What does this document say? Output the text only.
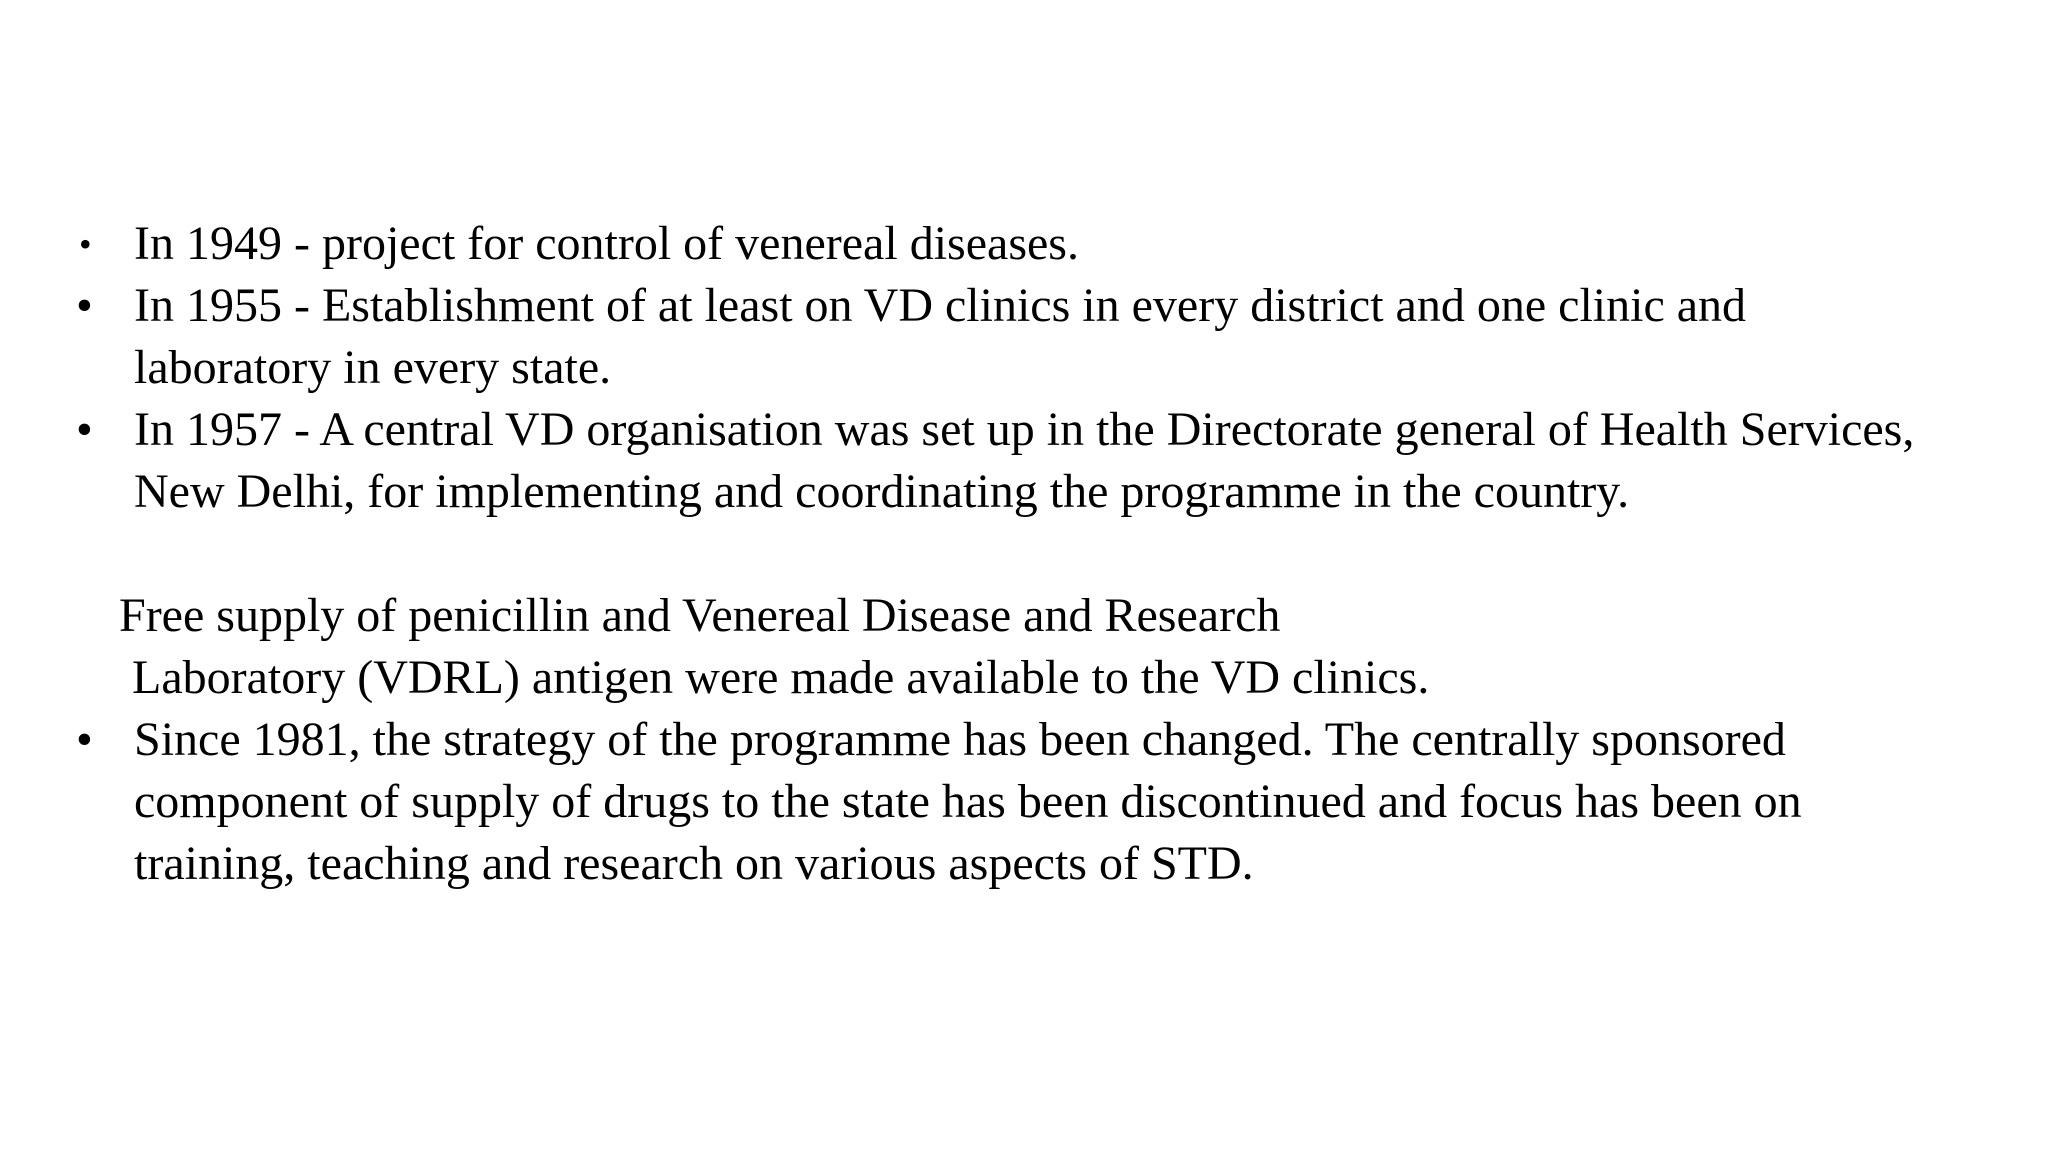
• In 1949 - project for control of venereal diseases.
• In 1955 - Establishment of at least on VD clinics in every district and one clinic and laboratory in every state.
• In 1957 - A central VD organisation was set up in the Directorate general of Health Services, New Delhi, for implementing and coordinating the programme in the country.
Free supply of penicillin and Venereal Disease and Research
Laboratory (VDRL) antigen were made available to the VD clinics.
• Since 1981, the strategy of the programme has been changed. The centrally sponsored component of supply of drugs to the state has been discontinued and focus has been on training, teaching and research on various aspects of STD.
